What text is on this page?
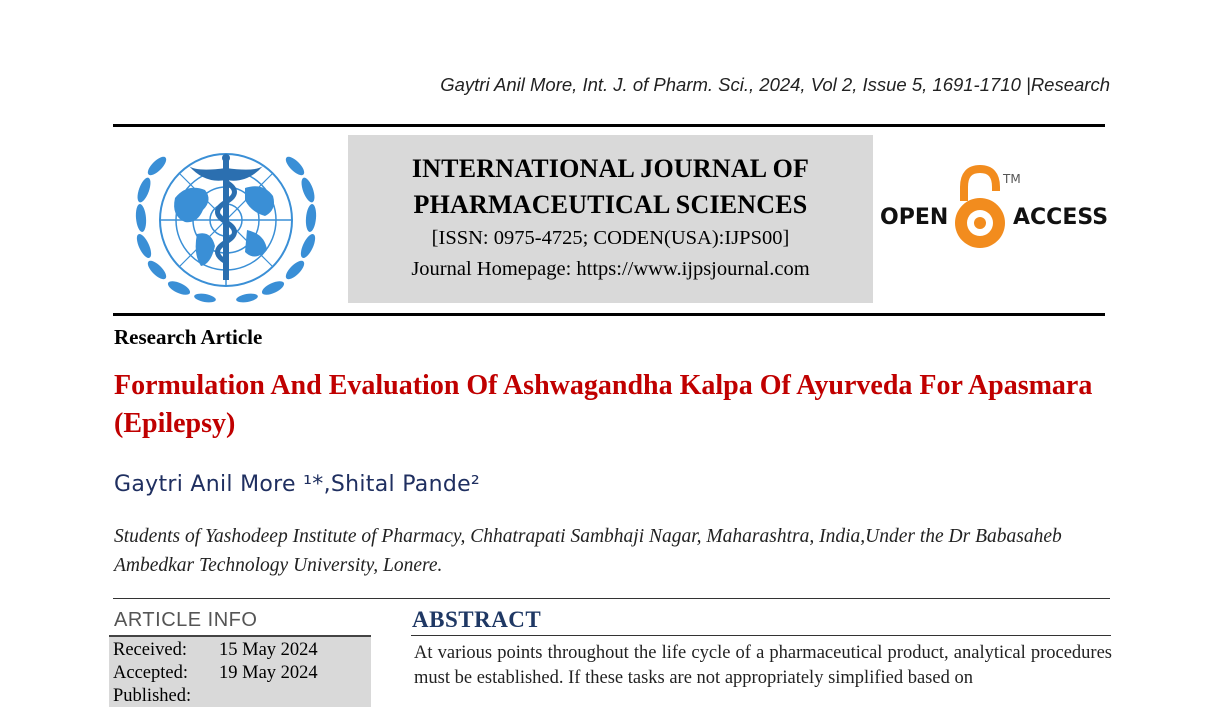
Gaytri Anil More, Int. J. of Pharm. Sci., 2024, Vol 2, Issue 5, 1691-1710 |Research
INTERNATIONAL JOURNAL OF
PHARMACEUTICAL SCIENCES
[ISSN: 0975-4725; CODEN(USA):IJPS00]
Journal Homepage: https://www.ijpsjournal.com
OPEN	ACCESS
TM
Research Article
Formulation And Evaluation Of Ashwagandha Kalpa Of Ayurveda For Apasmara (Epilepsy)
Gaytri Anil More ¹*,Shital Pande²
Students of Yashodeep Institute of Pharmacy, Chhatrapati Sambhaji Nagar, Maharashtra, India,Under the Dr Babasaheb Ambedkar Technology University, Lonere.
ARTICLE INFO
Received: 15 May 2024
Accepted: 19 May 2024
Published:
ABSTRACT
At various points throughout the life cycle of a pharmaceutical product, analytical procedures must be established. If these tasks are not appropriately simplified based on
